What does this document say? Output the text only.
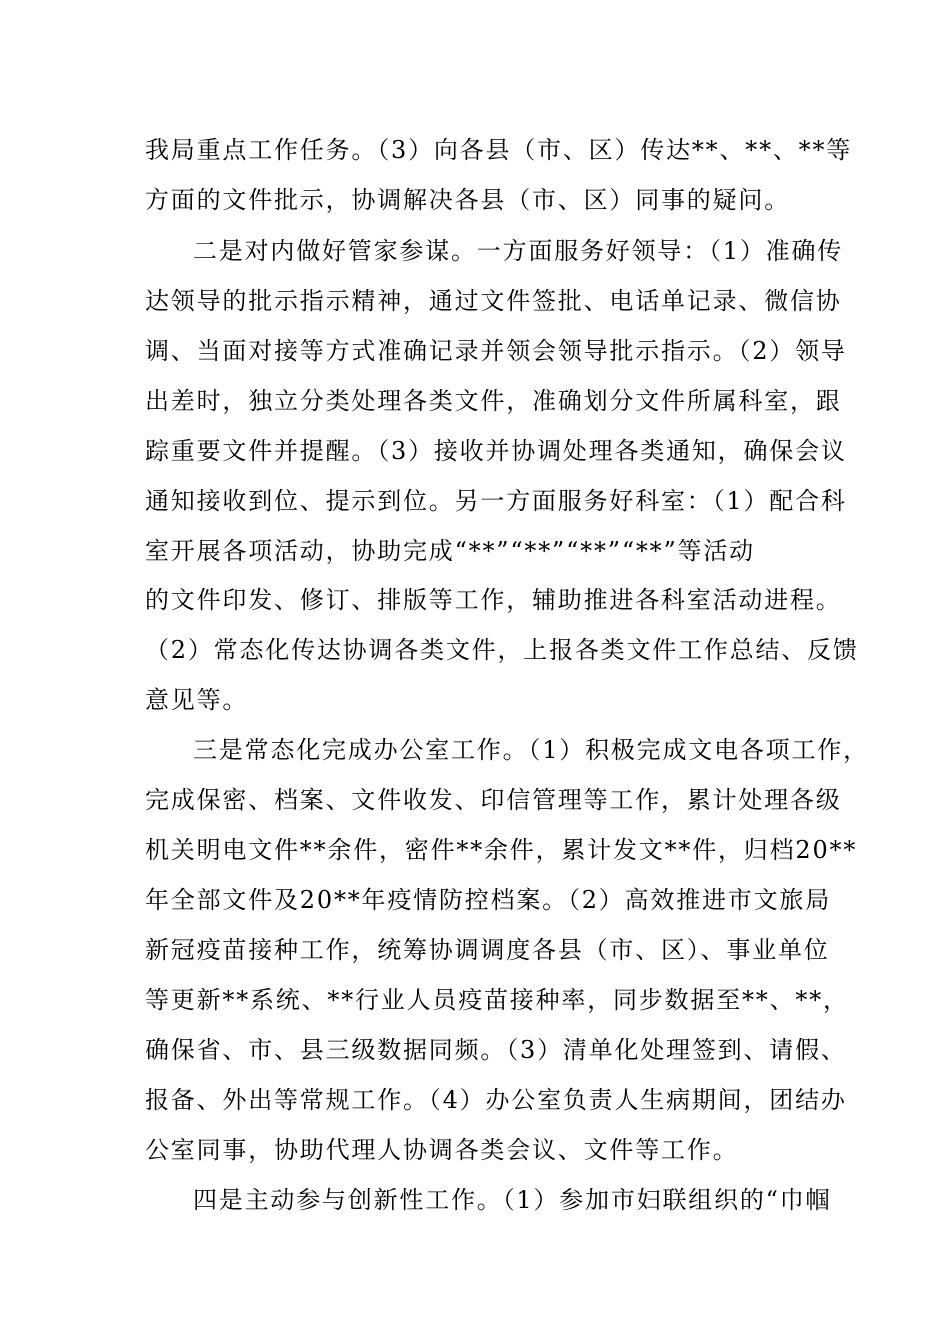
我局重点工作任务。（3）向各县（市、区）传达**、**、**等
方面的文件批示，协调解决各县（市、区）同事的疑问。
二是对内做好管家参谋。一方面服务好领导：（1）准确传
达领导的批示指示精神，通过文件签批、电话单记录、微信协
调、当面对接等方式准确记录并领会领导批示指示。（2）领导
出差时，独立分类处理各类文件，准确划分文件所属科室，跟
踪重要文件并提醒。（3）接收并协调处理各类通知，确保会议
通知接收到位、提示到位。另一方面服务好科室：（1）配合科
室开展各项活动，协助完成“**”“**”“**”“**”等活动
的文件印发、修订、排版等工作，辅助推进各科室活动进程。
（2）常态化传达协调各类文件，上报各类文件工作总结、反馈
意见等。
三是常态化完成办公室工作。（1）积极完成文电各项工作，
完成保密、档案、文件收发、印信管理等工作，累计处理各级
机关明电文件**余件，密件**余件，累计发文**件，归档20**
年全部文件及20**年疫情防控档案。（2）高效推进市文旅局
新冠疫苗接种工作，统筹协调调度各县（市、区）、事业单位
等更新**系统、**行业人员疫苗接种率，同步数据至**、**，
确保省、市、县三级数据同频。（3）清单化处理签到、请假、
报备、外出等常规工作。（4）办公室负责人生病期间，团结办
公室同事，协助代理人协调各类会议、文件等工作。
四是主动参与创新性工作。（1）参加市妇联组织的“巾帼
